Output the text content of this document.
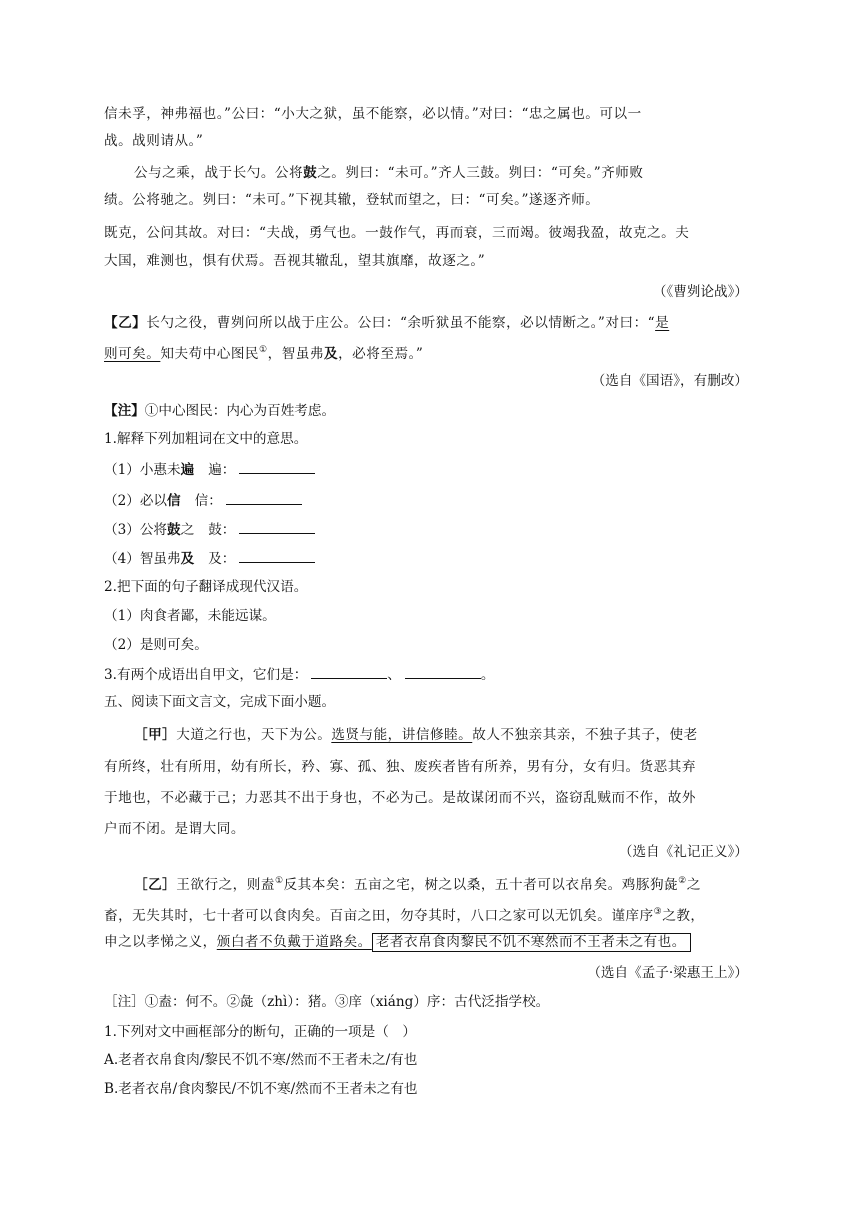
信未孚，神弗福也。”公曰：“小大之狱，虽不能察，必以情。”对曰：“忠之属也。可以一
战。战则请从。”
公与之乘，战于长勺。公将鼓之。刿曰：“未可。”齐人三鼓。刿曰：“可矣。”齐师败
绩。公将驰之。刿曰：“未可。”下视其辙，登轼而望之，曰：“可矣。”遂逐齐师。
既克，公问其故。对曰：“夫战，勇气也。一鼓作气，再而衰，三而竭。彼竭我盈，故克之。夫
大国，难测也，惧有伏焉。吾视其辙乱，望其旗靡，故逐之。”
（《曹刿论战》）
【乙】长勺之役，曹刿问所以战于庄公。公曰：“余听狱虽不能察，必以情断之。”对曰：“是
则可矣。知夫苟中心图民①，智虽弗及，必将至焉。”
（选自《国语》，有删改）
【注】①中心图民：内心为百姓考虑。
1.解释下列加粗词在文中的意思。
（1）小惠未遍 遍：
（2）必以信 信：
（3）公将鼓之 鼓：
（4）智虽弗及 及：
2.把下面的句子翻译成现代汉语。
（1）肉食者鄙，未能远谋。
（2）是则可矣。
3.有两个成语出自甲文，它们是：	、	。
五、阅读下面文言文，完成下面小题。
［甲］大道之行也，天下为公。选贤与能，讲信修睦。故人不独亲其亲，不独子其子，使老
有所终，壮有所用，幼有所长，矜、寡、孤、独、废疾者皆有所养，男有分，女有归。货恶其弃
于地也，不必藏于己；力恶其不出于身也，不必为己。是故谋闭而不兴，盗窃乱贼而不作，故外
户而不闭。是谓大同。
（选自《礼记正义》）
［乙］王欲行之，则盍①反其本矣：五亩之宅，树之以桑，五十者可以衣帛矣。鸡豚狗彘②之
畜，无失其时，七十者可以食肉矣。百亩之田，勿夺其时，八口之家可以无饥矣。谨庠序③之教，
申之以孝悌之义，颁白者不负戴于道路矣。 老者衣帛食肉黎民不饥不寒然而不王者未之有也。
（选自《孟子·梁惠王上》）
［注］①盍：何不。②彘（zhì）：猪。③庠（xiáng）序：古代泛指学校。
1.下列对文中画框部分的断句，正确的一项是（　）
A.老者衣帛食肉/黎民不饥不寒/然而不王者未之/有也
B.老者衣帛/食肉黎民/不饥不寒/然而不王者未之有也
